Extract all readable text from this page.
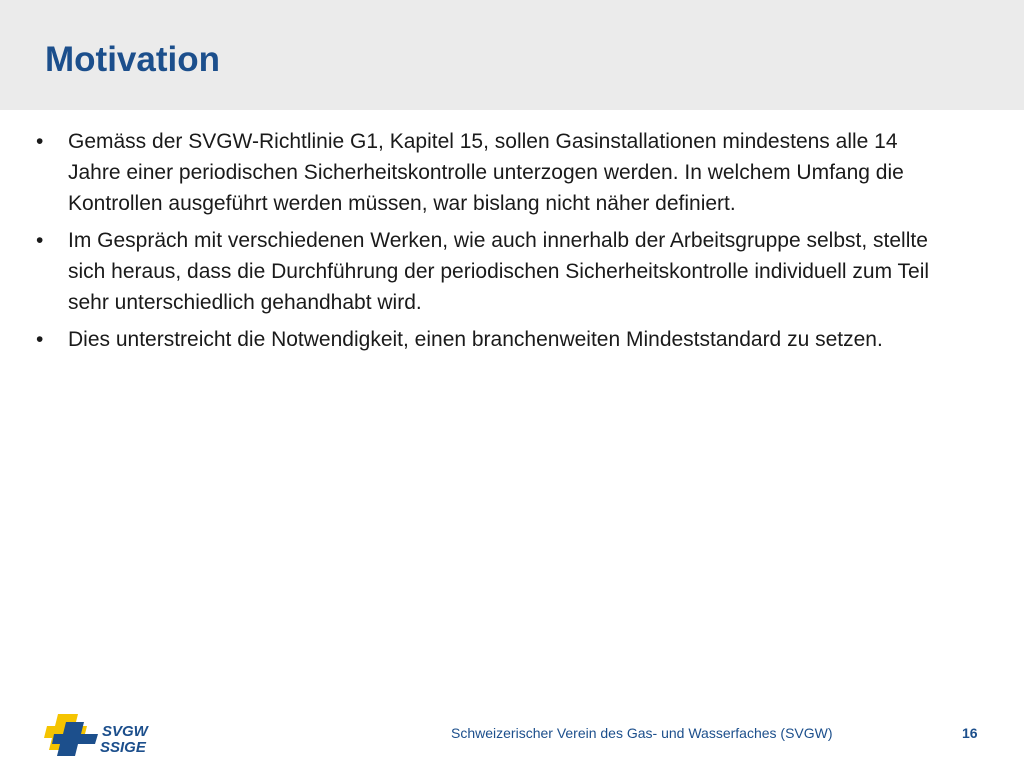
Motivation
•	Gemäss der SVGW-Richtlinie G1, Kapitel 15, sollen Gasinstallationen mindestens alle 14 Jahre einer periodischen Sicherheitskontrolle unterzogen werden. In welchem Umfang die Kontrollen ausgeführt werden müssen, war bislang nicht näher definiert.
•	Im Gespräch mit verschiedenen Werken, wie auch innerhalb der Arbeitsgruppe selbst, stellte sich heraus, dass die Durchführung der periodischen Sicherheitskontrolle individuell zum Teil sehr unterschiedlich gehandhabt wird.
•	Dies unterstreicht die Notwendigkeit, einen branchenweiten Mindeststandard zu setzen.
SVGW
SSIGE
Schweizerischer Verein des Gas- und Wasserfaches (SVGW)	16
